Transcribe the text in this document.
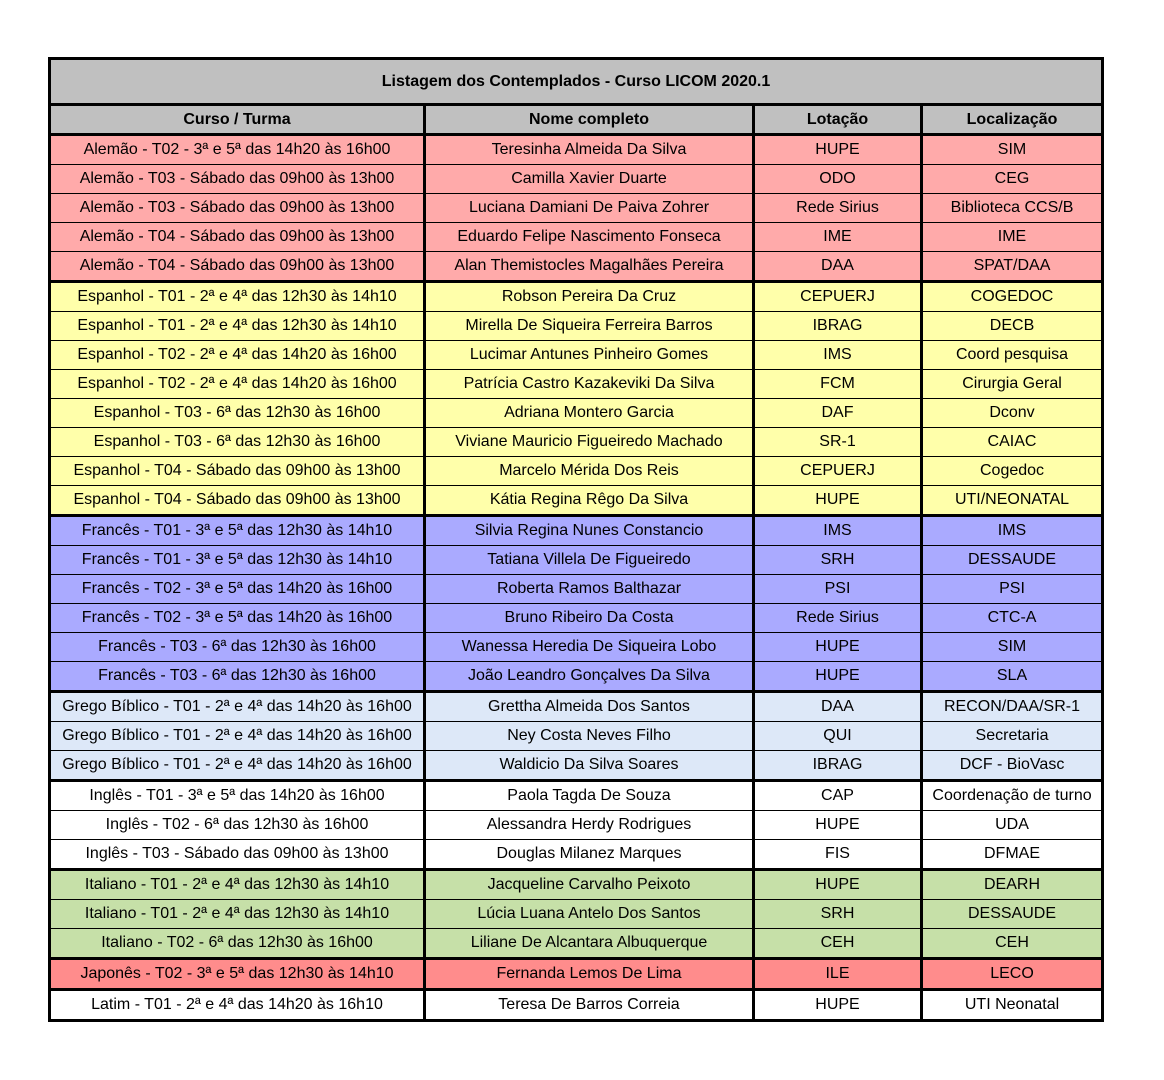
Listagem dos Contemplados - Curso LICOM 2020.1			
Curso / Turma	Nome completo	Lotação	Localização
Alemão - T02 - 3ª e 5ª das 14h20 às 16h00	Teresinha Almeida Da Silva	HUPE	SIM
Alemão - T03 - Sábado das 09h00 às 13h00	Camilla Xavier Duarte	ODO	CEG
Alemão - T03 - Sábado das 09h00 às 13h00	Luciana Damiani De Paiva Zohrer	Rede Sirius	Biblioteca CCS/B
Alemão - T04 - Sábado das 09h00 às 13h00	Eduardo Felipe Nascimento Fonseca	IME	IME
Alemão - T04 - Sábado das 09h00 às 13h00	Alan Themistocles Magalhães Pereira	DAA	SPAT/DAA
Espanhol - T01 - 2ª e 4ª das 12h30 às 14h10	Robson Pereira Da Cruz	CEPUERJ	COGEDOC
Espanhol - T01 - 2ª e 4ª das 12h30 às 14h10	Mirella De Siqueira Ferreira Barros	IBRAG	DECB
Espanhol - T02 - 2ª e 4ª das 14h20 às 16h00	Lucimar Antunes Pinheiro Gomes	IMS	Coord pesquisa
Espanhol - T02 - 2ª e 4ª das 14h20 às 16h00	Patrícia Castro Kazakeviki Da Silva	FCM	Cirurgia Geral
Espanhol - T03 - 6ª das 12h30 às 16h00	Adriana Montero Garcia	DAF	Dconv
Espanhol - T03 - 6ª das 12h30 às 16h00	Viviane Mauricio Figueiredo Machado	SR-1	CAIAC
Espanhol - T04 - Sábado das 09h00 às 13h00	Marcelo Mérida Dos Reis	CEPUERJ	Cogedoc
Espanhol - T04 - Sábado das 09h00 às 13h00	Kátia Regina Rêgo Da Silva	HUPE	UTI/NEONATAL
Francês - T01 - 3ª e 5ª das 12h30 às 14h10	Silvia Regina Nunes Constancio	IMS	IMS
Francês - T01 - 3ª e 5ª das 12h30 às 14h10	Tatiana Villela De Figueiredo	SRH	DESSAUDE
Francês - T02 - 3ª e 5ª das 14h20 às 16h00	Roberta Ramos Balthazar	PSI	PSI
Francês - T02 - 3ª e 5ª das 14h20 às 16h00	Bruno Ribeiro Da Costa	Rede Sirius	CTC-A
Francês - T03 - 6ª das 12h30 às 16h00	Wanessa Heredia De Siqueira Lobo	HUPE	SIM
Francês - T03 - 6ª das 12h30 às 16h00	João Leandro Gonçalves Da Silva	HUPE	SLA
Grego Bíblico - T01 - 2ª e 4ª das 14h20 às 16h00	Grettha Almeida Dos Santos	DAA	RECON/DAA/SR-1
Grego Bíblico - T01 - 2ª e 4ª das 14h20 às 16h00	Ney Costa Neves Filho	QUI	Secretaria
Grego Bíblico - T01 - 2ª e 4ª das 14h20 às 16h00	Waldicio Da Silva Soares	IBRAG	DCF - BioVasc
Inglês - T01 - 3ª e 5ª das 14h20 às 16h00	Paola Tagda De Souza	CAP	Coordenação de turno
Inglês - T02 - 6ª das 12h30 às 16h00	Alessandra Herdy Rodrigues	HUPE	UDA
Inglês - T03 - Sábado das 09h00 às 13h00	Douglas Milanez Marques	FIS	DFMAE
Italiano - T01 - 2ª e 4ª das 12h30 às 14h10	Jacqueline Carvalho Peixoto	HUPE	DEARH
Italiano - T01 - 2ª e 4ª das 12h30 às 14h10	Lúcia Luana Antelo Dos Santos	SRH	DESSAUDE
Italiano - T02 - 6ª das 12h30 às 16h00	Liliane De Alcantara Albuquerque	CEH	CEH
Japonês - T02 - 3ª e 5ª das 12h30 às 14h10	Fernanda Lemos De Lima	ILE	LECO
Latim - T01 - 2ª e 4ª das 14h20 às 16h10	Teresa De Barros Correia	HUPE	UTI Neonatal
